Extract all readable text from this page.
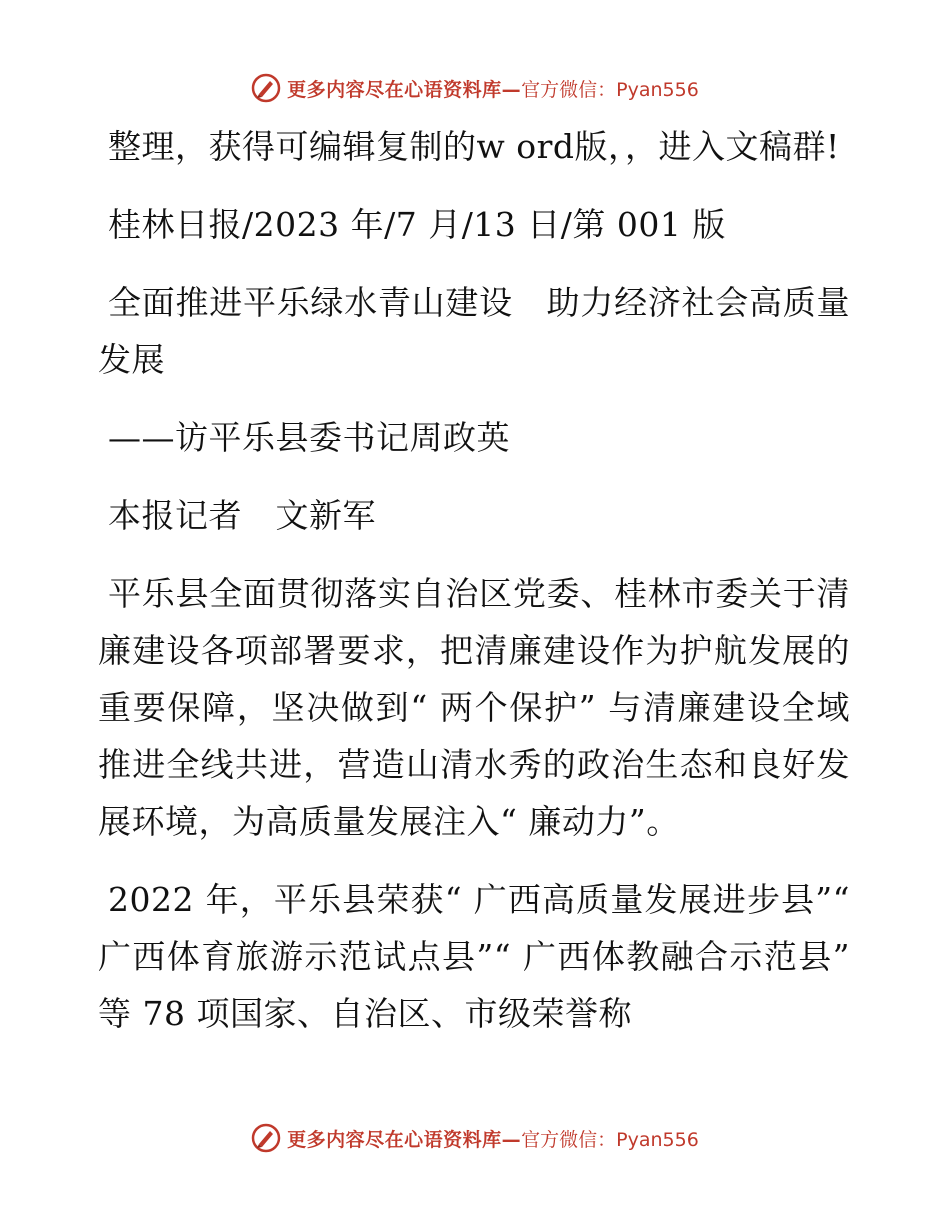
更多内容尽在心语资料库— 官方微信：Pyan556

整理，获得可编辑复制的w ord版，，进入文稿群!

桂林日报/2023 年/7 月/13 日/第 001 版

全面推进平乐绿水青山建设　助力经济社会高质量发展

——访平乐县委书记周政英

本报记者　文新军

平乐县全面贯彻落实自治区党委、桂林市委关于清廉建设各项部署要求，把清廉建设作为护航发展的重要保障，坚决做到“ 两个保护” 与清廉建设全域推进全线共进，营造山清水秀的政治生态和良好发展环境，为高质量发展注入“ 廉动力”。

2022 年，平乐县荣获“ 广西高质量发展进步县”“ 广西体育旅游示范试点县”“ 广西体教融合示范县” 等 78 项国家、自治区、市级荣誉称

更多内容尽在心语资料库— 官方微信：Pyan556
